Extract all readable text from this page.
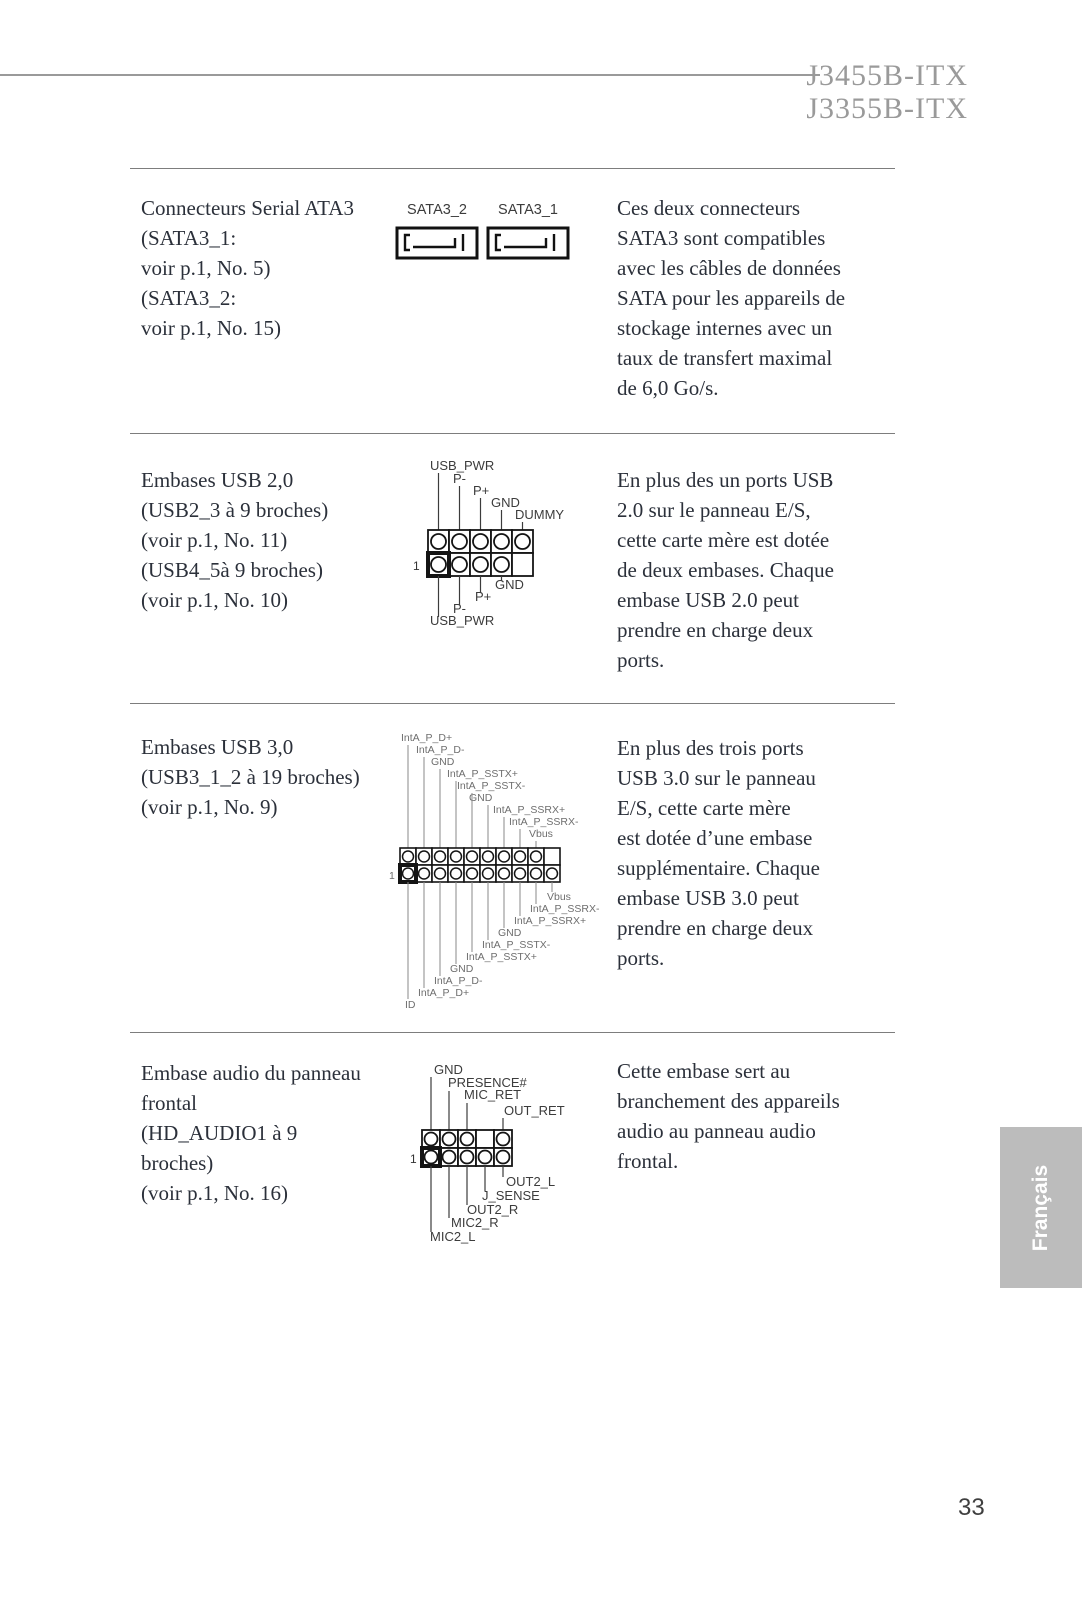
J3455B-ITX
J3355B-ITX
Connecteurs Serial ATA3
(SATA3_1:
voir p.1, No. 5)
(SATA3_2:
voir p.1, No. 15)
SATA3_2 SATA3_1	Ces deux connecteurs
SATA3 sont compatibles
avec les câbles de données
SATA pour les appareils de
stockage internes avec un
taux de transfert maximal
de 6,0 Go/s.
Embases USB 2,0
(USB2_3 à 9 broches)
(voir p.1, No. 11)
(USB4_5à 9 broches)
(voir p.1, No. 10)
USB_PWR
P-
P+
GND
DUMMY
1
GND
P+
P-
USB_PWR
En plus des un ports USB
2.0 sur le panneau E/S,
cette carte mère est dotée
de deux embases. Chaque
embase USB 2.0 peut
prendre en charge deux
ports.
Embases USB 3,0
(USB3_1_2 à 19 broches)
(voir p.1, No. 9)
IntA_P_D+
IntA_P_D-
GND
IntA_P_SSTX+
IntA_P_SSTX-
GND
IntA_P_SSRX+
IntA_P_SSRX-
Vbus
1
Vbus
IntA_P_SSRX-
IntA_P_SSRX+
GND
IntA_P_SSTX-
IntA_P_SSTX+
GND
IntA_P_D-
IntA_P_D+
ID
En plus des trois ports
USB 3.0 sur le panneau
E/S, cette carte mère
est dotée d’une embase
supplémentaire. Chaque
embase USB 3.0 peut
prendre en charge deux
ports.
Embase audio du panneau
frontal
(HD_AUDIO1 à 9
broches)
(voir p.1, No. 16)
GND
PRESENCE#
MIC_RET
OUT_RET
1
OUT2_L
J_SENSE
OUT2_R
MIC2_R
MIC2_L
Cette embase sert au
branchement des appareils
audio au panneau audio
frontal.
Français
33
